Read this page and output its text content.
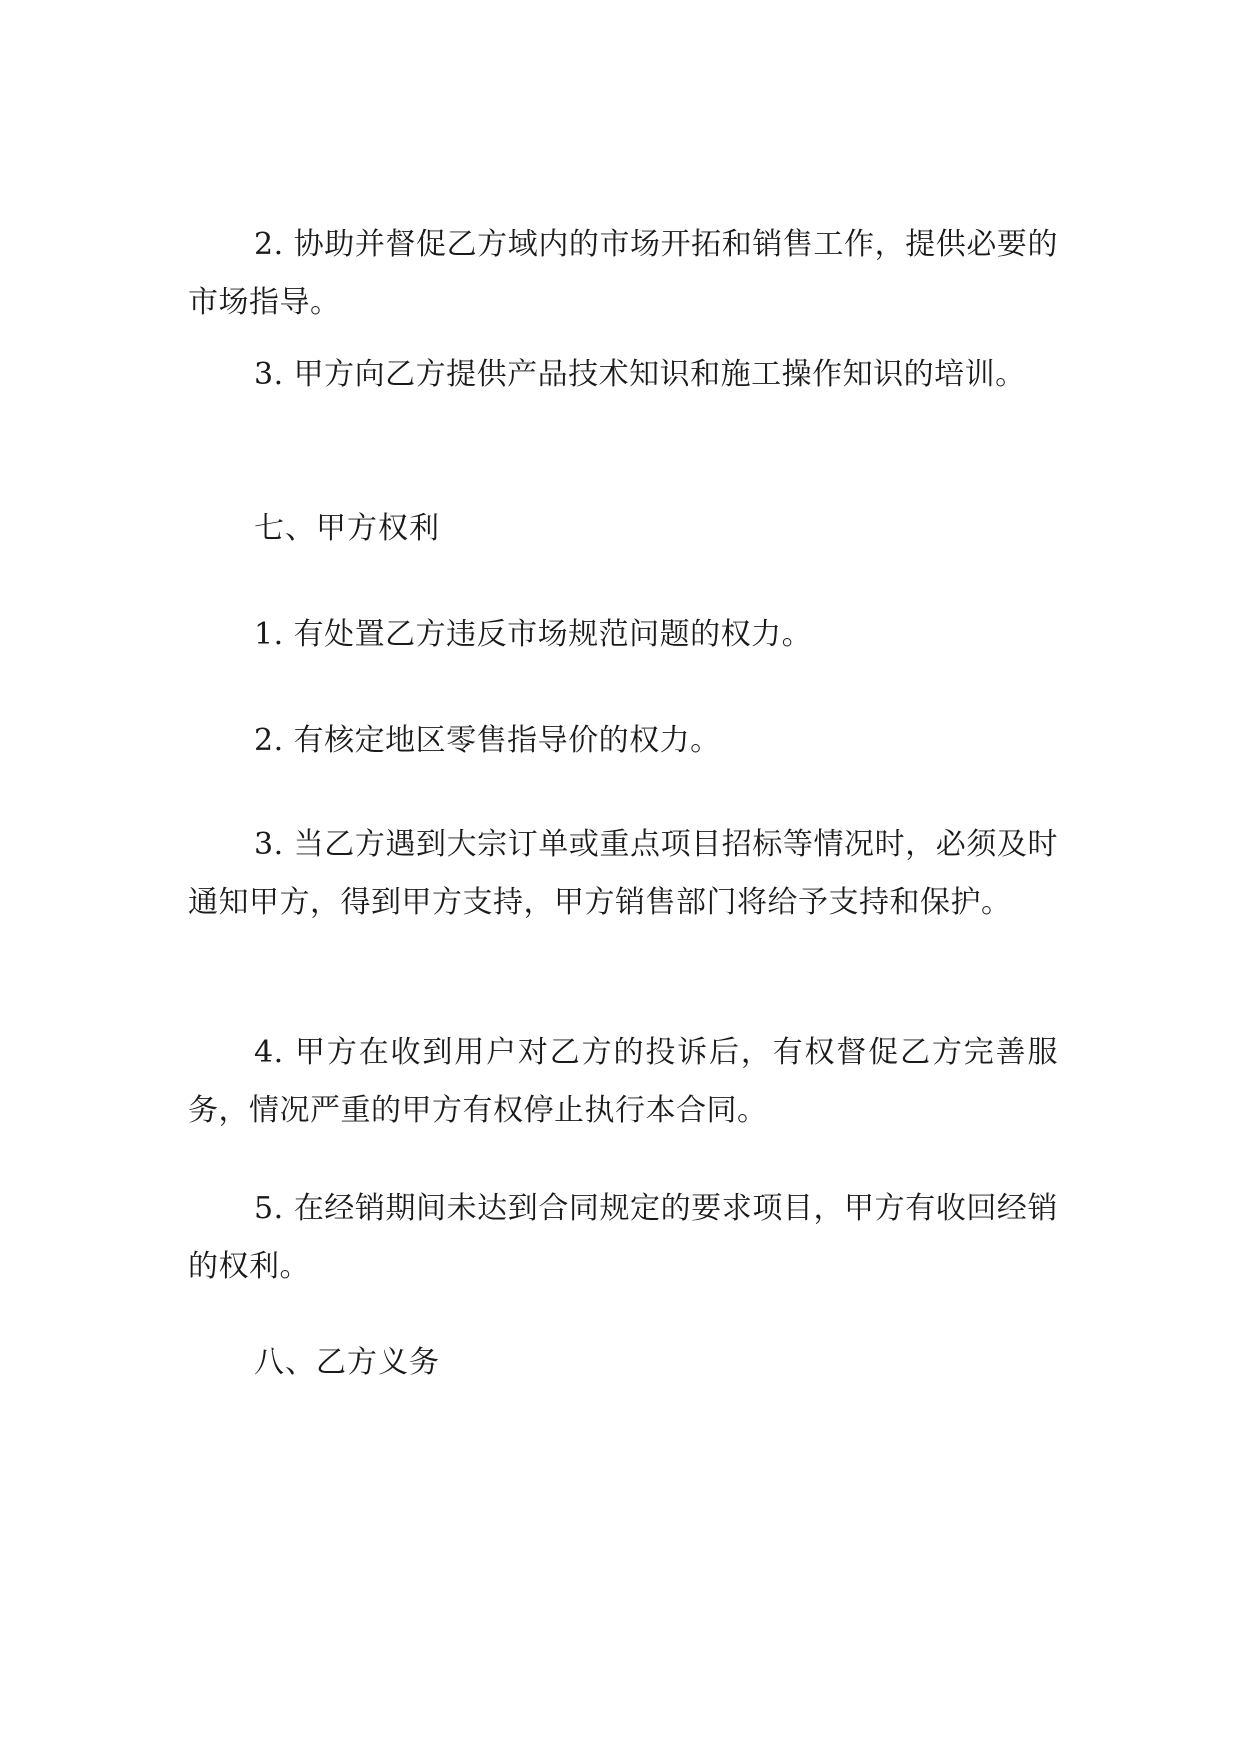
2. 协助并督促乙方域内的市场开拓和销售工作，提供必要的市场指导。

3. 甲方向乙方提供产品技术知识和施工操作知识的培训。

七、甲方权利

1. 有处置乙方违反市场规范问题的权力。

2. 有核定地区零售指导价的权力。

3. 当乙方遇到大宗订单或重点项目招标等情况时，必须及时通知甲方，得到甲方支持，甲方销售部门将给予支持和保护。

4. 甲方在收到用户对乙方的投诉后，有权督促乙方完善服务，情况严重的甲方有权停止执行本合同。

5. 在经销期间未达到合同规定的要求项目，甲方有收回经销的权利。

八、乙方义务
